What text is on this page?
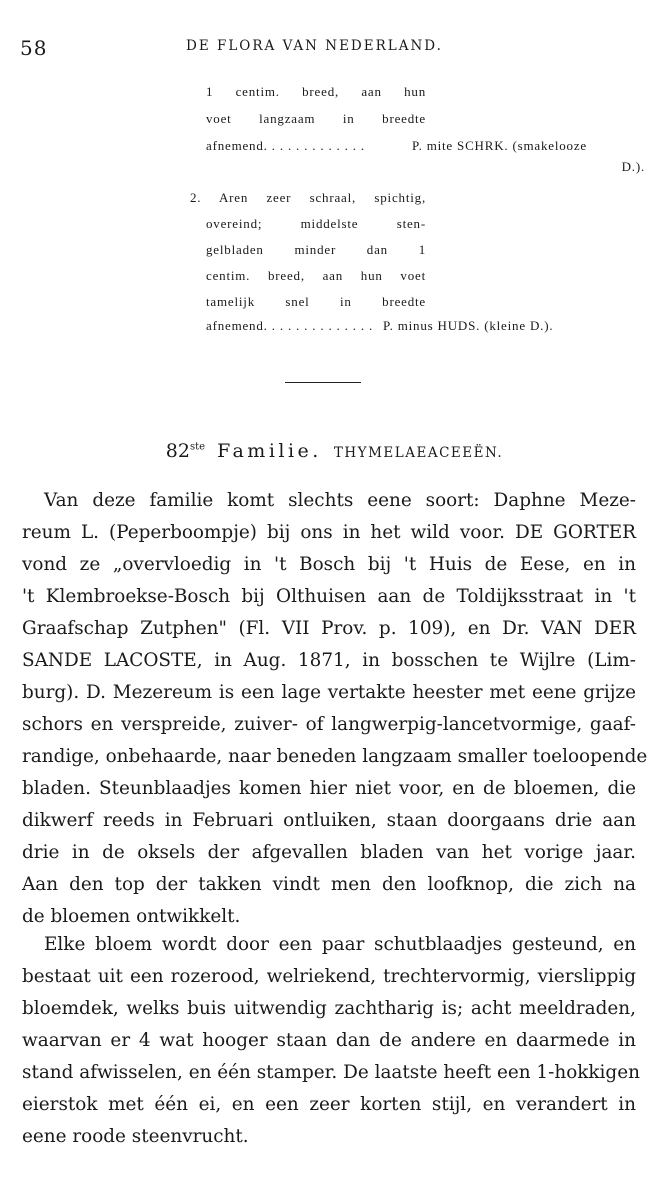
58	DE FLORA VAN NEDERLAND.
1 centim. breed, aan hun
voet langzaam in breedte
afnemend. . . . . . . . . . . . .	P. mite SCHRK. (smakelooze
D.).
2. Aren zeer schraal, spichtig,
overeind; middelste sten-
gelbladen minder dan 1
centim. breed, aan hun voet
tamelijk snel in breedte
afnemend. . . . . . . . . . . . . . P. minus HUDS. (kleine D.).
82ste Familie. THYMELAEACEEËN.
Van deze familie komt slechts eene soort: Daphne Meze-
reum L. (Peperboompje) bij ons in het wild voor. DE GORTER
vond ze „overvloedig in 't Bosch bij 't Huis de Eese, en in
't Klembroekse-Bosch bij Olthuisen aan de Toldijksstraat in 't
Graafschap Zutphen" (Fl. VII Prov. p. 109), en Dr. VAN DER
SANDE LACOSTE, in Aug. 1871, in bosschen te Wijlre (Lim-
burg). D. Mezereum is een lage vertakte heester met eene grijze
schors en verspreide, zuiver- of langwerpig-lancetvormige, gaaf-
randige, onbehaarde, naar beneden langzaam smaller toeloopende
bladen. Steunblaadjes komen hier niet voor, en de bloemen, die
dikwerf reeds in Februari ontluiken, staan doorgaans drie aan
drie in de oksels der afgevallen bladen van het vorige jaar.
Aan den top der takken vindt men den loofknop, die zich na
de bloemen ontwikkelt.
Elke bloem wordt door een paar schutblaadjes gesteund, en
bestaat uit een rozerood, welriekend, trechtervormig, vierslippig
bloemdek, welks buis uitwendig zachtharig is; acht meeldraden,
waarvan er 4 wat hooger staan dan de andere en daarmede in
stand afwisselen, en één stamper. De laatste heeft een 1-hokkigen
eierstok met één ei, en een zeer korten stijl, en verandert in
eene roode steenvrucht.
